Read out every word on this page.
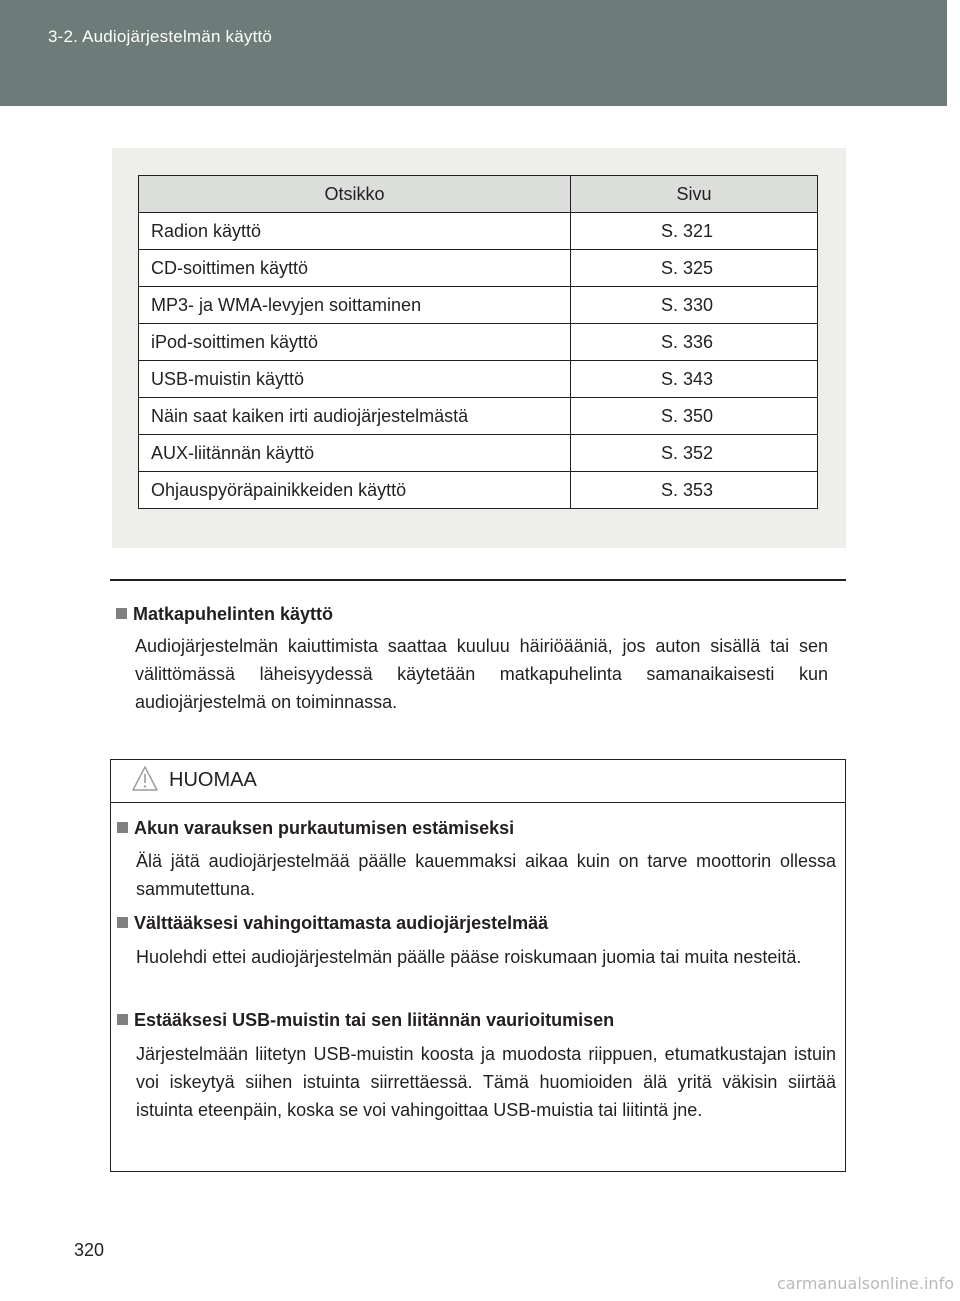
3-2. Audiojärjestelmän käyttö
Otsikko	Sivu
Radion käyttö	S. 321
CD-soittimen käyttö	S. 325
MP3- ja WMA-levyjen soittaminen	S. 330
iPod-soittimen käyttö	S. 336
USB-muistin käyttö	S. 343
Näin saat kaiken irti audiojärjestelmästä	S. 350
AUX-liitännän käyttö	S. 352
Ohjauspyöräpainikkeiden käyttö	S. 353
Matkapuhelinten käyttö
Audiojärjestelmän kaiuttimista saattaa kuuluu häiriöääniä, jos auton sisällä tai sen välittömässä läheisyydessä käytetään matkapuhelinta samanaikaisesti kun audiojärjestelmä on toiminnassa.
HUOMAA
Akun varauksen purkautumisen estämiseksi
Älä jätä audiojärjestelmää päälle kauemmaksi aikaa kuin on tarve moottorin ollessa sammutettuna.
Välttääksesi vahingoittamasta audiojärjestelmää
Huolehdi ettei audiojärjestelmän päälle pääse roiskumaan juomia tai muita nesteitä.
Estääksesi USB-muistin tai sen liitännän vaurioitumisen
Järjestelmään liitetyn USB-muistin koosta ja muodosta riippuen, etumatkustajan istuin voi iskeytyä siihen istuinta siirrettäessä. Tämä huomioiden älä yritä väkisin siirtää istuinta eteenpäin, koska se voi vahingoittaa USB-muistia tai liitintä jne.
320
carmanualsonline.info
